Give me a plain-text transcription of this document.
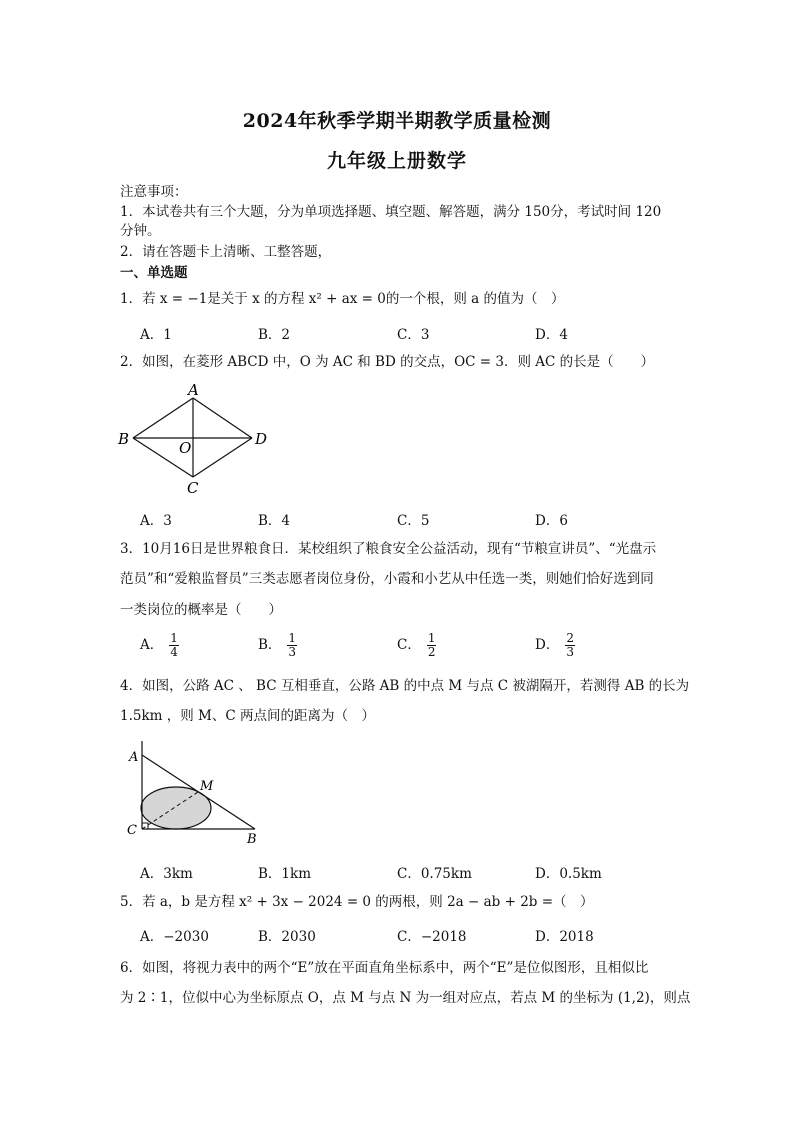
2024年秋季学期半期教学质量检测
九年级上册数学
注意事项：
1．本试卷共有三个大题，分为单项选择题、填空题、解答题，满分 150分，考试时间 120
分钟。
2．请在答题卡上清晰、工整答题，
一、单选题
1．若 x = −1是关于 x 的方程 x² + ax = 0的一个根，则 a 的值为（　）
A．1	B．2	C．3	D．4
2．如图，在菱形 ABCD 中，O 为 AC 和 BD 的交点，OC = 3．则 AC 的长是（　　）
A
B	D
C
O
A．3	B．4	C．5	D．6
3．10月16日是世界粮食日．某校组织了粮食安全公益活动，现有“节粮宣讲员”、“光盘示
范员”和“爱粮监督员”三类志愿者岗位身份，小霞和小艺从中任选一类，则她们恰好选到同
一类岗位的概率是（　　）
A． $\frac{1}{4}$	B． $\frac{1}{3}$	C． $\frac{1}{2}$	D． $\frac{2}{3}$
4．如图，公路 AC 、 BC 互相垂直，公路 AB 的中点 M 与点 C 被湖隔开，若测得 AB 的长为
1.5km ，则 M、C 两点间的距离为（　）
A
M
C
B
A．3km	B．1km	C．0.75km	D．0.5km
5．若 a，b 是方程 x² + 3x − 2024 = 0 的两根，则 2a − ab + 2b =（　）
A．−2030	B．2030	C．−2018	D．2018
6．如图，将视力表中的两个“E”放在平面直角坐标系中，两个“E”是位似图形，且相似比
为 2∶1，位似中心为坐标原点 O，点 M 与点 N 为一组对应点，若点 M 的坐标为 (1,2)，则点
